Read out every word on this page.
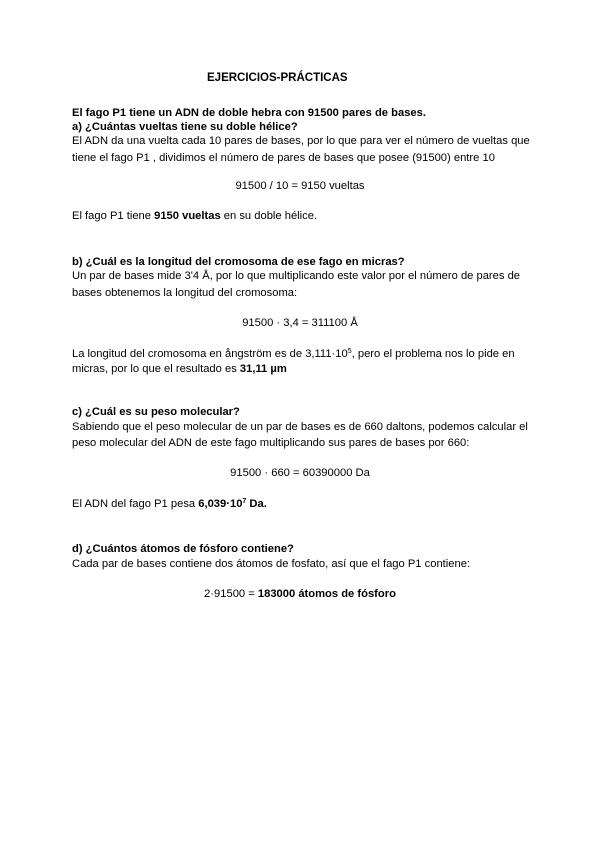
EJERCICIOS-PRÁCTICAS
El fago P1 tiene un ADN de doble hebra con 91500 pares de bases.
a) ¿Cuántas vueltas tiene su doble hélice?
El ADN da una vuelta cada 10 pares de bases, por lo que para ver el número de vueltas que
tiene el fago P1 , dividimos el número de pares de bases que posee (91500) entre 10
91500 / 10 = 9150 vueltas
El fago P1 tiene 9150 vueltas en su doble hélice.
b) ¿Cuál es la longitud del cromosoma de ese fago en micras?
Un par de bases mide 3'4 Å, por lo que multiplicando este valor por el número de pares de
bases obtenemos la longitud del cromosoma:
91500 · 3,4 = 311100 Å
La longitud del cromosoma en ångström es de $3,111\cdot 10^5$, pero el problema nos lo pide en
micras, por lo que el resultado es 31,11 µm
c) ¿Cuál es su peso molecular?
Sabiendo que el peso molecular de un par de bases es de 660 daltons, podemos calcular el
peso molecular del ADN de este fago multiplicando sus pares de bases por 660:
91500 · 660 = 60390000 Da
El ADN del fago P1 pesa $6,039\cdot 10^7$ Da.
d) ¿Cuántos átomos de fósforo contiene?
Cada par de bases contiene dos átomos de fosfato, así que el fago P1 contiene:
2·91500 = 183000 átomos de fósforo
